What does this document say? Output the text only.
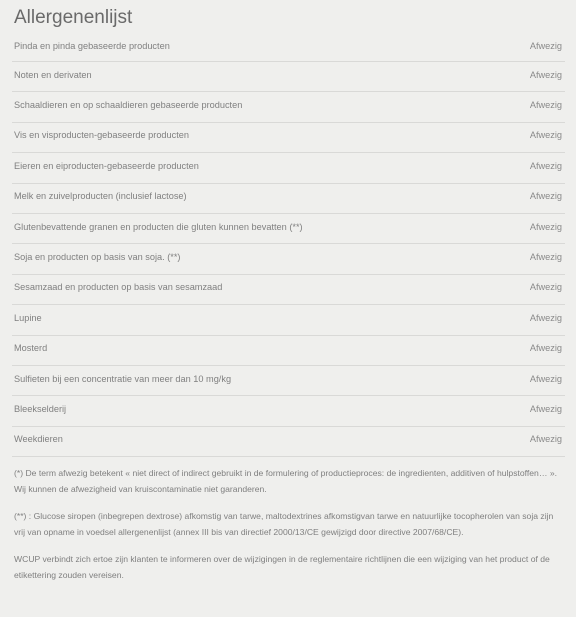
Allergenenlijst
Pinda en pinda gebaseerde producten	Afwezig
Noten en derivaten	Afwezig
Schaaldieren en op schaaldieren gebaseerde producten	Afwezig
Vis en visproducten-gebaseerde producten	Afwezig
Eieren en eiproducten-gebaseerde producten	Afwezig
Melk en zuivelproducten (inclusief lactose)	Afwezig
Glutenbevattende granen en producten die gluten kunnen bevatten (**)	Afwezig
Soja en producten op basis van soja. (**)	Afwezig
Sesamzaad en producten op basis van sesamzaad	Afwezig
Lupine	Afwezig
Mosterd	Afwezig
Sulfieten bij een concentratie van meer dan 10 mg/kg	Afwezig
Bleekselderij	Afwezig
Weekdieren	Afwezig

(*) De term afwezig betekent « niet direct of indirect gebruikt in de formulering of productieproces: de ingredienten, additiven of hulpstoffen… ». Wij kunnen de afwezigheid van kruiscontaminatie niet garanderen.

(**) : Glucose siropen (inbegrepen dextrose) afkomstig van tarwe, maltodextrines afkomstigvan tarwe en natuurlijke tocopherolen van soja zijn vrij van opname in voedsel allergenenlijst (annex III bis van directief 2000/13/CE gewijzigd door directive 2007/68/CE).

WCUP verbindt zich ertoe zijn klanten te informeren over de wijzigingen in de reglementaire richtlijnen die een wijziging van het product of de etikettering zouden vereisen.
